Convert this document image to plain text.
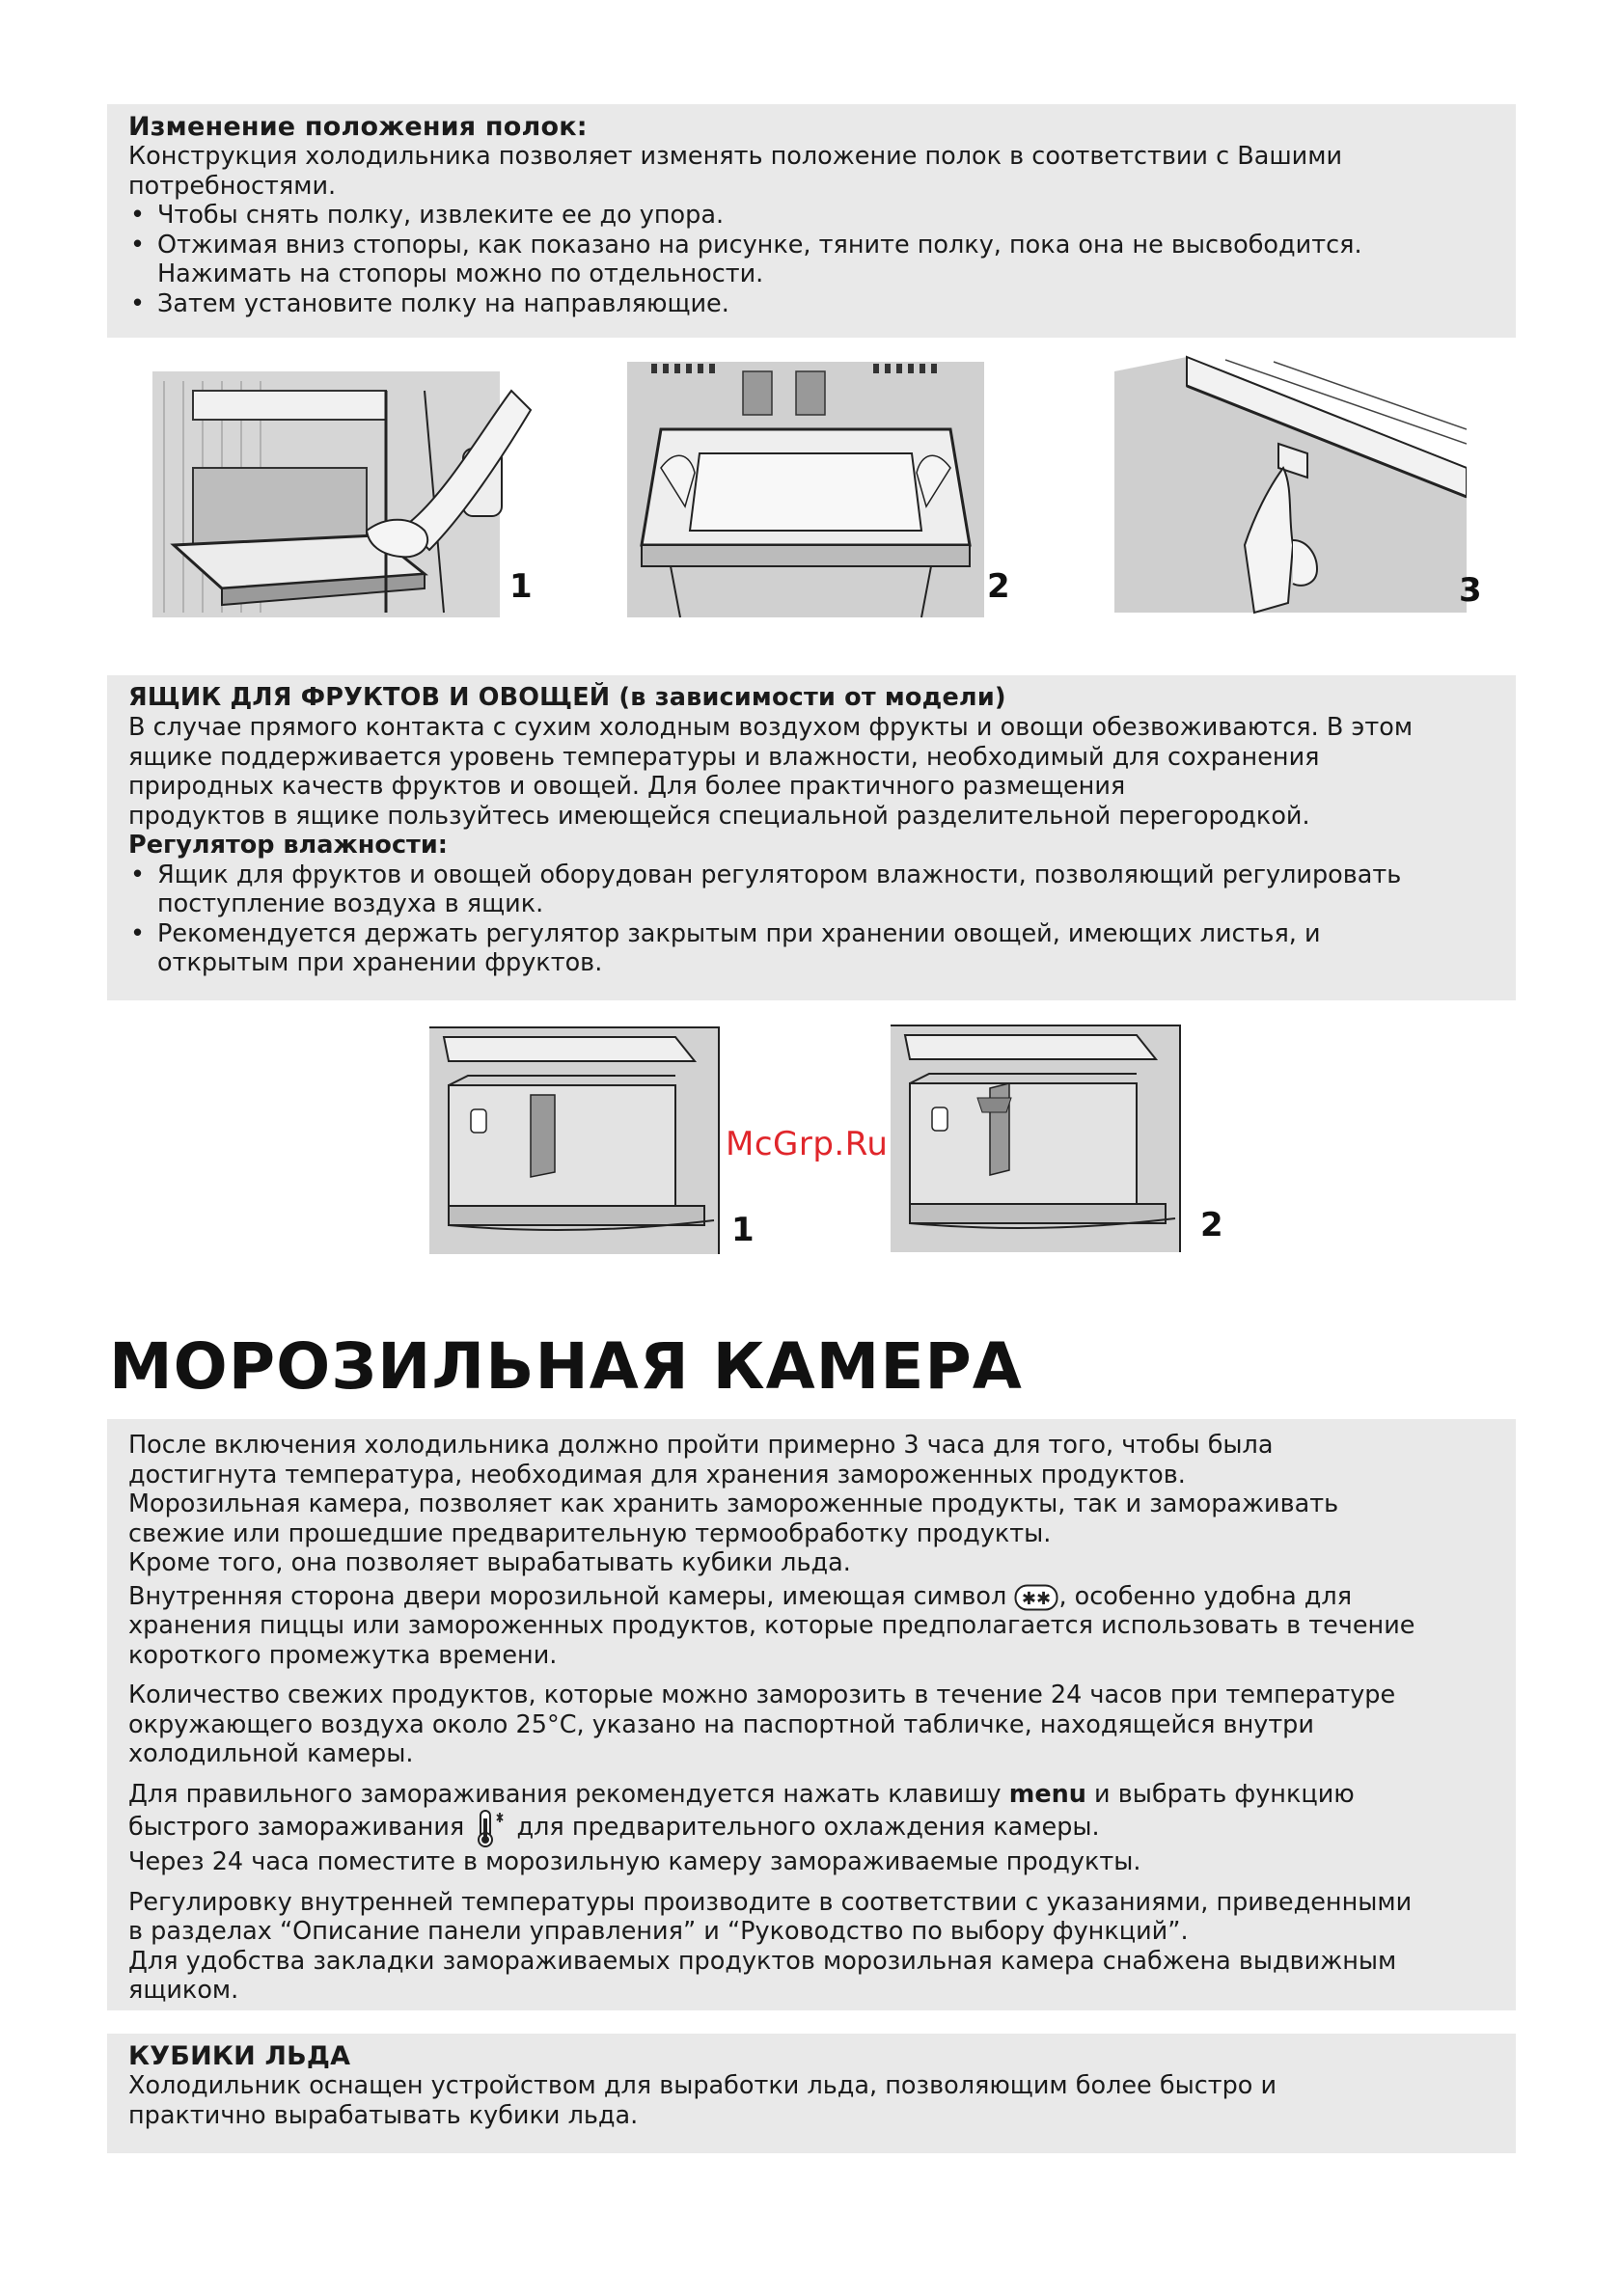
Изменение положения полок:

Конструкция холодильника позволяет изменять положение полок в соответствии с Вашими

потребностями.

• Чтобы снять полку, извлеките ее до упора.
• Отжимая вниз стопоры, как показано на рисунке, тяните полку, пока она не высвободится.
Нажимать на стопоры можно по отдельности.
• Затем установите полку на направляющие.
1	2	3
ЯЩИК ДЛЯ ФРУКТОВ И ОВОЩЕЙ (в зависимости от модели)

В случае прямого контакта с сухим холодным воздухом фрукты и овощи обезвоживаются. В этом

ящике поддерживается уровень температуры и влажности, необходимый для сохранения

природных качеств фруктов и овощей. Для более практичного размещения

продуктов в ящике пользуйтесь имеющейся специальной разделительной перегородкой.

Регулятор влажности:

• Ящик для фруктов и овощей оборудован регулятором влажности, позволяющий регулировать
поступление воздуха в ящик.
• Рекомендуется держать регулятор закрытым при хранении овощей, имеющих листья, и
открытым при хранении фруктов.
1	2
McGrp.Ru
МОРОЗИЛЬНАЯ КАМЕРА

После включения холодильника должно пройти примерно 3 часа для того, чтобы была

достигнута температура, необходимая для хранения замороженных продуктов.

Морозильная камера, позволяет как хранить замороженные продукты, так и замораживать

свежие или прошедшие предварительную термообработку продукты.

Кроме того, она позволяет вырабатывать кубики льда.

Внутренняя сторона двери морозильной камеры, имеющая символ ✱✱ , особенно удобна для

хранения пиццы или замороженных продуктов, которые предполагается использовать в течение

короткого промежутка времени.

Количество свежих продуктов, которые можно заморозить в течение 24 часов при температуре

окружающего воздуха около 25°С, указано на паспортной табличке, находящейся внутри

холодильной камеры.

Для правильного замораживания рекомендуется нажать клавишу menu и выбрать функцию

быстрого замораживания для предварительного охлаждения камеры.

Через 24 часа поместите в морозильную камеру замораживаемые продукты.

Регулировку внутренней температуры производите в соответствии с указаниями, приведенными

в разделах “Описание панели управления” и “Руководство по выбору функций”.

Для удобства закладки замораживаемых продуктов морозильная камера снабжена выдвижным

ящиком.

КУБИКИ ЛЬДА

Холодильник оснащен устройством для выработки льда, позволяющим более быстро и

практично вырабатывать кубики льда.
